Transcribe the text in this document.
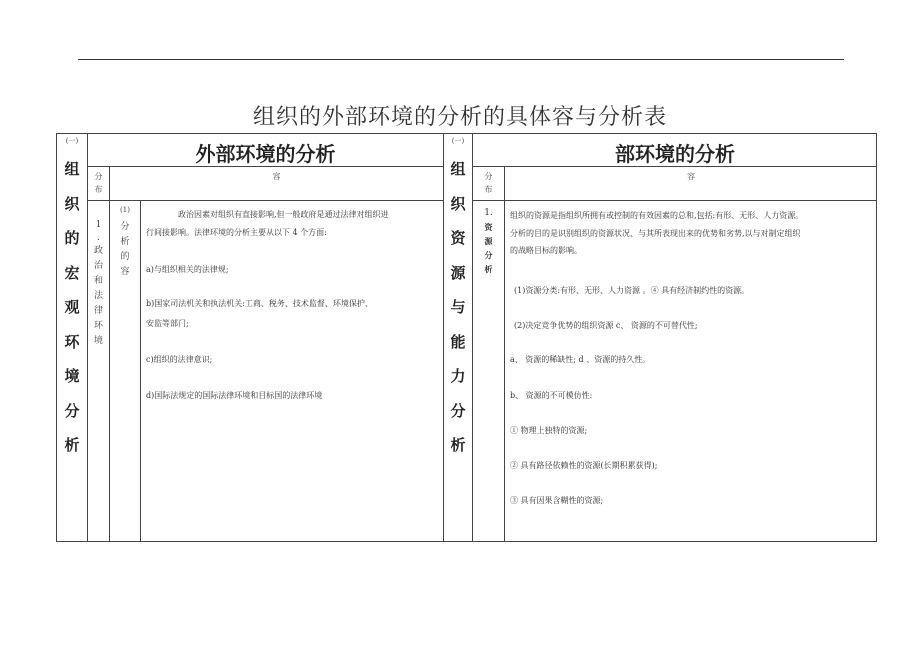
组织的外部环境的分析的具体容与分析表
(一)
组
织
的
宏
观
环
境
分
析
外部环境的分析
分
布
容
1
.
政
治
和
法
律
环
境
(1)
分
析
的
容
政治因素对组织有直接影响,但一般政府是通过法律对组织进
行间接影响。法律环境的分析主要从以下 4 个方面:
a)与组织相关的法律规;
b)国家司法机关和执法机关:工商、税务、技术监督、环境保护、
安监等部门;
c)组织的法律意识;
d)国际法规定的国际法律环境和目标国的法律环境
(一)
组
织
资
源
与
能
力
分
析
部环境的分析
分
布
容
1.
资
源
分
析
组织的资源是指组织所拥有或控制的有效因素的总和,包括:有形、无形、人力资源。
分析的目的是识别组织的资源状况、与其所表现出来的优势和劣势,以与对制定组织
的战略目标的影响。
(1)资源分类:有形、无形、人力资源 。④ 具有经济制约性的资源。
(2)决定竞争优势的组织资源 c、 资源的不可替代性;
a、 资源的稀缺性; d 、资源的持久性。
b、 资源的不可模仿性:
① 物理上独特的资源;
② 具有路径依赖性的资源(长期积累获得);
③ 具有因果含糊性的资源;
